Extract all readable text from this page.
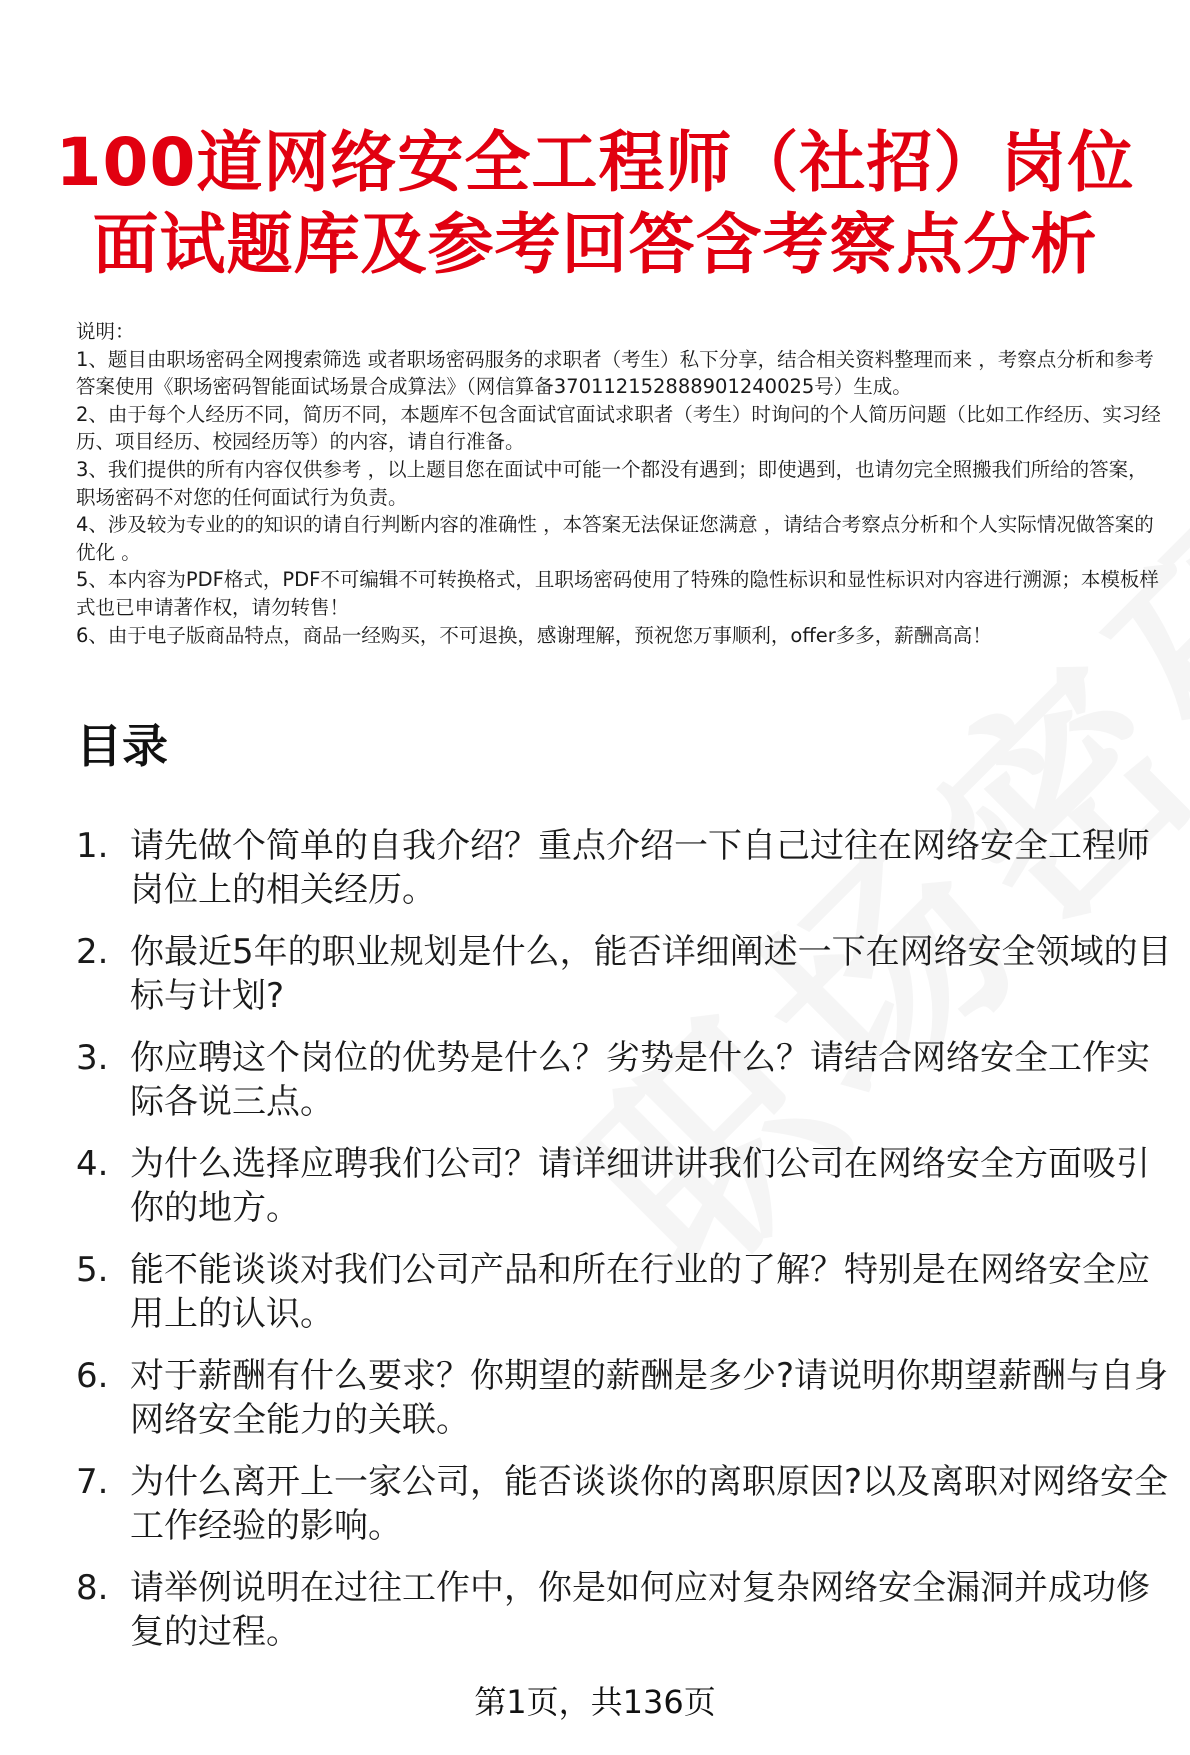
100道网络安全工程师（社招）岗位
面试题库及参考回答含考察点分析

说明：

1、题目由职场密码全网搜索筛选 或者职场密码服务的求职者（考生）私下分享，结合相关资料整理而来 ，考察点分析和参考答案使用《职场密码智能面试场景合成算法》（网信算备370112152888901240025号）生成。

2、由于每个人经历不同，简历不同，本题库不包含面试官面试求职者（考生）时询问的个人简历问题（比如工作经历、实习经历、项目经历、校园经历等）的内容，请自行准备。

3、我们提供的所有内容仅供参考 ，以上题目您在面试中可能一个都没有遇到；即使遇到，也请勿完全照搬我们所给的答案，职场密码不对您的任何面试行为负责。

4、涉及较为专业的的知识的请自行判断内容的准确性 ，本答案无法保证您满意 ，请结合考察点分析和个人实际情况做答案的优化 。

5、本内容为PDF格式，PDF不可编辑不可转换格式，且职场密码使用了特殊的隐性标识和显性标识对内容进行溯源；本模板样式也已申请著作权，请勿转售！

6、由于电子版商品特点，商品一经购买，不可退换，感谢理解，预祝您万事顺利，offer多多，薪酬高高！

目录
1. 请先做个简单的自我介绍？重点介绍一下自己过往在网络安全工程师岗位上的相关经历。
2. 你最近5年的职业规划是什么，能否详细阐述一下在网络安全领域的目标与计划?
3. 你应聘这个岗位的优势是什么？劣势是什么？请结合网络安全工作实际各说三点。
4. 为什么选择应聘我们公司？请详细讲讲我们公司在网络安全方面吸引你的地方。
5. 能不能谈谈对我们公司产品和所在行业的了解？特别是在网络安全应用上的认识。
6. 对于薪酬有什么要求？你期望的薪酬是多少?请说明你期望薪酬与自身网络安全能力的关联。
7. 为什么离开上一家公司，能否谈谈你的离职原因?以及离职对网络安全工作经验的影响。
8. 请举例说明在过往工作中，你是如何应对复杂网络安全漏洞并成功修复的过程。
第1页，共136页
